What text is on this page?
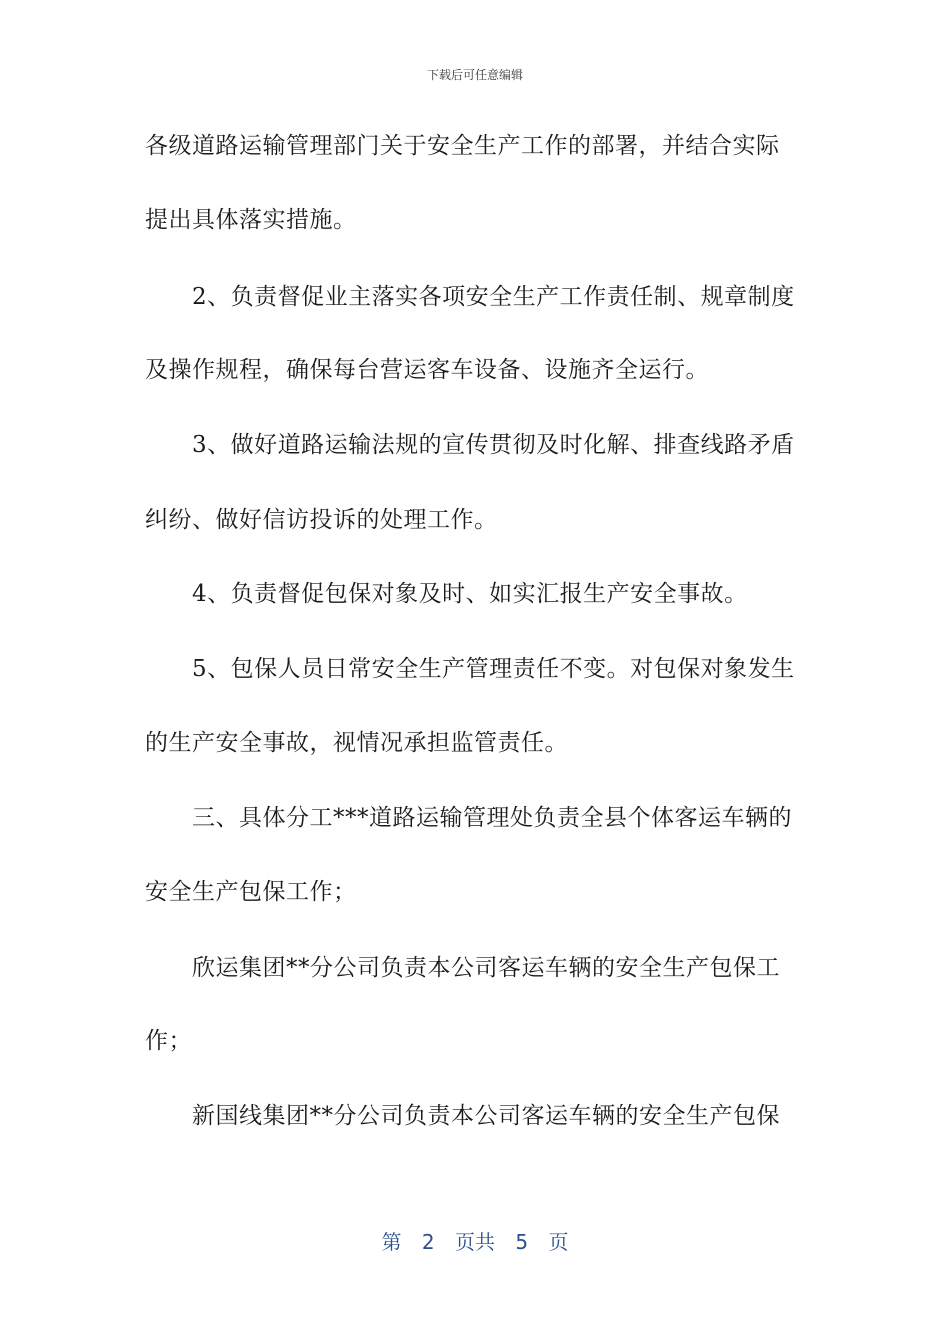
下载后可任意编辑
各级道路运输管理部门关于安全生产工作的部署，并结合实际
提出具体落实措施。
2、负责督促业主落实各项安全生产工作责任制、规章制度
及操作规程，确保每台营运客车设备、设施齐全运行。
3、做好道路运输法规的宣传贯彻及时化解、排查线路矛盾
纠纷、做好信访投诉的处理工作。
4、负责督促包保对象及时、如实汇报生产安全事故。
5、包保人员日常安全生产管理责任不变。对包保对象发生
的生产安全事故，视情况承担监管责任。
三、具体分工***道路运输管理处负责全县个体客运车辆的
安全生产包保工作；
欣运集团**分公司负责本公司客运车辆的安全生产包保工
作；
新国线集团**分公司负责本公司客运车辆的安全生产包保
第 2 页共 5 页
